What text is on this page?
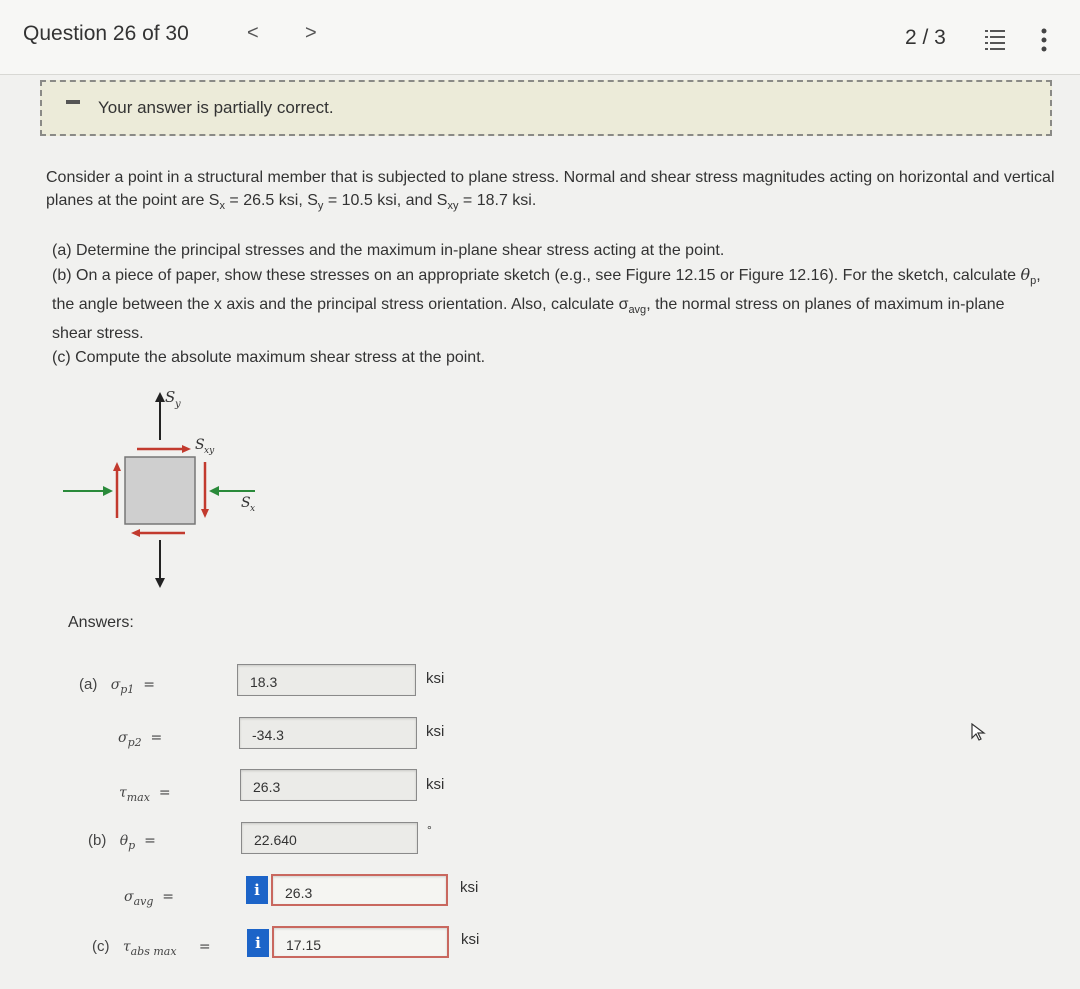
Question 26 of 30	< >	2 / 3
Your answer is partially correct.
Consider a point in a structural member that is subjected to plane stress. Normal and shear stress magnitudes acting on horizontal and vertical planes at the point are $S_x = 26.5$ ksi, $S_y = 10.5$ ksi, and $S_{xy} = 18.7$ ksi.
(a) Determine the principal stresses and the maximum in-plane shear stress acting at the point.
(b) On a piece of paper, show these stresses on an appropriate sketch (e.g., see Figure 12.15 or Figure 12.16). For the sketch, calculate $\theta_p$, the angle between the x axis and the principal stress orientation. Also, calculate $\sigma_{avg}$, the normal stress on planes of maximum in-plane shear stress.
(c) Compute the absolute maximum shear stress at the point.
S y
S xy
S x
Answers:
(a) $\sigma_{p1}$ =	18.3	ksi
$\sigma_{p2}$ =	-34.3	ksi
$\tau_{max}$ =	26.3	ksi
(b) $\theta_p$ =	22.640
°
$\sigma_{avg}$ =	i	26.3	ksi
(c) $\tau_{abs max}$ =	i	17.15	ksi
